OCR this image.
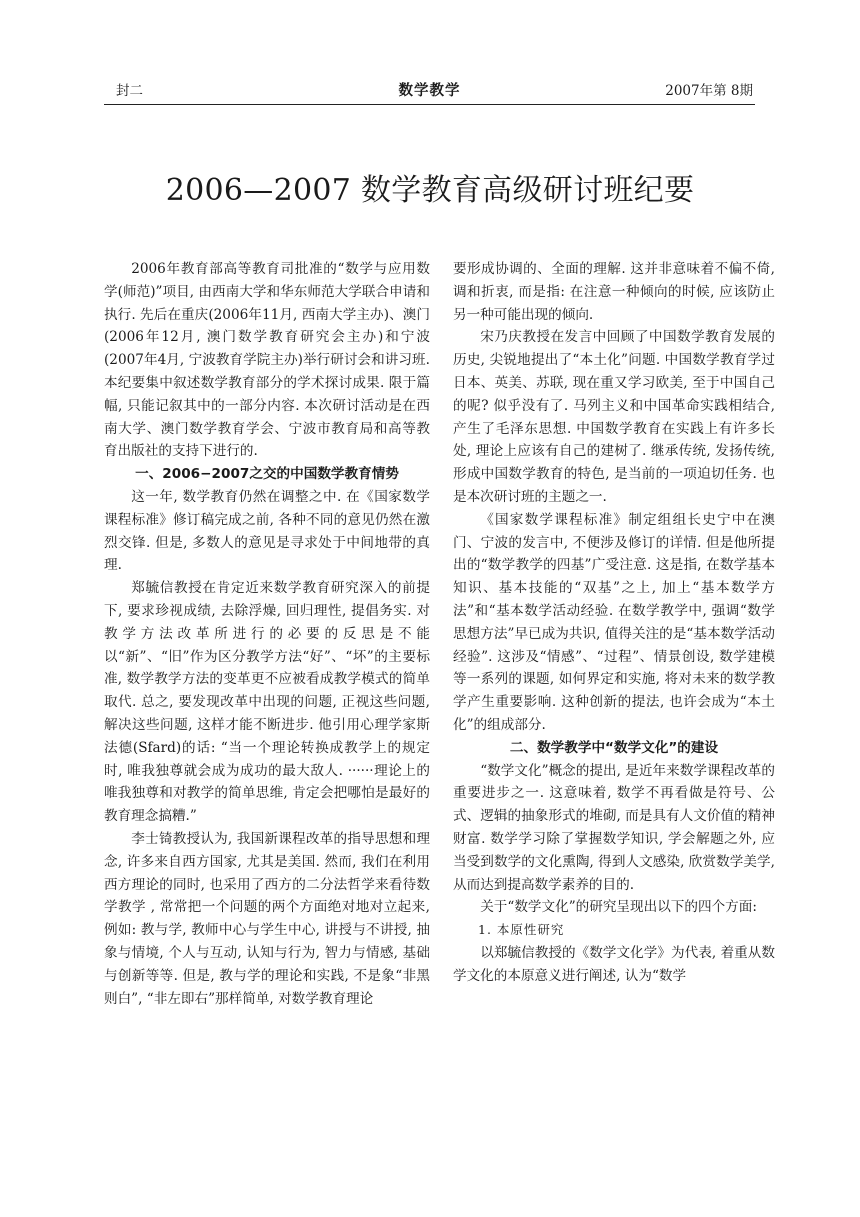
封二	数学教学	2007年第 8期
2006—2007 数学教育高级研讨班纪要

2006年教育部高等教育司批准的“数学与应用数学(师范)”项目, 由西南大学和华东师范大学联合申请和执行. 先后在重庆(2006年11月, 西南大学主办)、澳门(2006年12月, 澳门数学教育研究会主办)和宁波(2007年4月, 宁波教育学院主办)举行研讨会和讲习班. 本纪要集中叙述数学教育部分的学术探讨成果. 限于篇幅, 只能记叙其中的一部分内容. 本次研讨活动是在西南大学、澳门数学教育学会、宁波市教育局和高等教育出版社的支持下进行的.

一、2006−2007之交的中国数学教育情势

这一年, 数学教育仍然在调整之中. 在《国家数学课程标准》修订稿完成之前, 各种不同的意见仍然在激烈交锋. 但是, 多数人的意见是寻求处于中间地带的真理.

郑毓信教授在肯定近来数学教育研究深入的前提下, 要求珍视成绩, 去除浮燥, 回归理性, 提倡务实. 对教学方法改革所进行的必要的反思是不能以“新”、“旧”作为区分教学方法“好”、“坏”的主要标准, 数学教学方法的变革更不应被看成教学模式的简单取代. 总之, 要发现改革中出现的问题, 正视这些问题, 解决这些问题, 这样才能不断进步. 他引用心理学家斯法德(Sfard)的话: “当一个理论转换成教学上的规定时, 唯我独尊就会成为成功的最大敌人. ······理论上的唯我独尊和对教学的简单思维, 肯定会把哪怕是最好的教育理念搞糟.”

李士锜教授认为, 我国新课程改革的指导思想和理念, 许多来自西方国家, 尤其是美国. 然而, 我们在利用西方理论的同时, 也采用了西方的二分法哲学来看待数学教学 , 常常把一个问题的两个方面绝对地对立起来, 例如: 教与学, 教师中心与学生中心, 讲授与不讲授, 抽象与情境, 个人与互动, 认知与行为, 智力与情感, 基础与创新等等. 但是, 教与学的理论和实践, 不是象“非黑则白”, “非左即右”那样简单, 对数学教育理论

要形成协调的、全面的理解. 这并非意味着不偏不倚, 调和折衷, 而是指: 在注意一种倾向的时候, 应该防止另一种可能出现的倾向.

宋乃庆教授在发言中回顾了中国数学教育发展的历史, 尖锐地提出了“本土化”问题. 中国数学教育学过日本、英美、苏联, 现在重又学习欧美, 至于中国自己的呢? 似乎没有了. 马列主义和中国革命实践相结合, 产生了毛泽东思想. 中国数学教育在实践上有许多长处, 理论上应该有自己的建树了. 继承传统, 发扬传统, 形成中国数学教育的特色, 是当前的一项迫切任务. 也是本次研讨班的主题之一.

《国家数学课程标准》制定组组长史宁中在澳门、宁波的发言中, 不便涉及修订的详情. 但是他所提出的“数学教学的四基”广受注意. 这是指, 在数学基本知识、基本技能的“双基”之上, 加上“基本数学方法”和“基本数学活动经验. 在数学教学中, 强调“数学思想方法”早已成为共识, 值得关注的是“基本数学活动经验”. 这涉及“情感”、“过程”、情景创设, 数学建模等一系列的课题, 如何界定和实施, 将对未来的数学教学产生重要影响. 这种创新的提法, 也许会成为“本土化”的组成部分.

二、数学教学中“数学文化”的建设

“数学文化”概念的提出, 是近年来数学课程改革的重要进步之一. 这意味着, 数学不再看做是符号、公式、逻辑的抽象形式的堆砌, 而是具有人文价值的精神财富. 数学学习除了掌握数学知识, 学会解题之外, 应当受到数学的文化熏陶, 得到人文感染, 欣赏数学美学, 从而达到提高数学素养的目的.

关于“数学文化”的研究呈现出以下的四个方面:

1. 本原性研究

以郑毓信教授的《数学文化学》为代表, 着重从数学文化的本原意义进行阐述, 认为“数学
